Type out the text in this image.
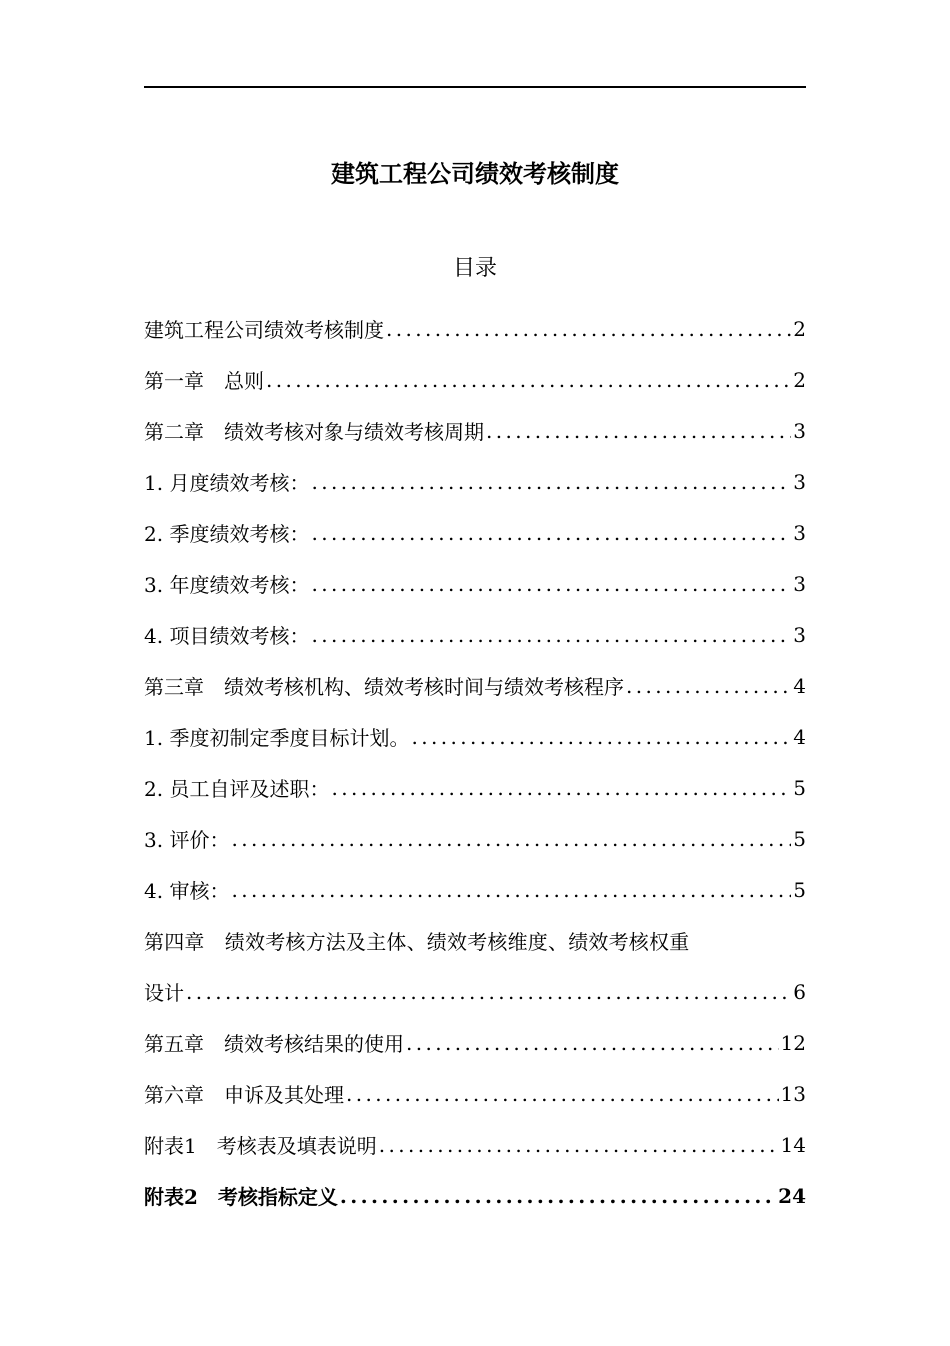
建筑工程公司绩效考核制度
目录
建筑工程公司绩效考核制度 .....	2
第一章　总则 .....	2
第二章　绩效考核对象与绩效考核周期 .....	3
1. 月度绩效考核： .....	3
2. 季度绩效考核： .....	3
3. 年度绩效考核： .....	3
4. 项目绩效考核： .....	3
第三章　绩效考核机构、绩效考核时间与绩效考核程序 .....	4
1. 季度初制定季度目标计划。 .....	4
2. 员工自评及述职： .....	5
3. 评价： .....	5
4. 审核： .....	5
第四章　绩效考核方法及主体、绩效考核维度、绩效考核权重
设计 .....	6
第五章　绩效考核结果的使用 .....	12
第六章　申诉及其处理 .....	13
附表1　考核表及填表说明 .....	14
附表2　考核指标定义 .....	24
